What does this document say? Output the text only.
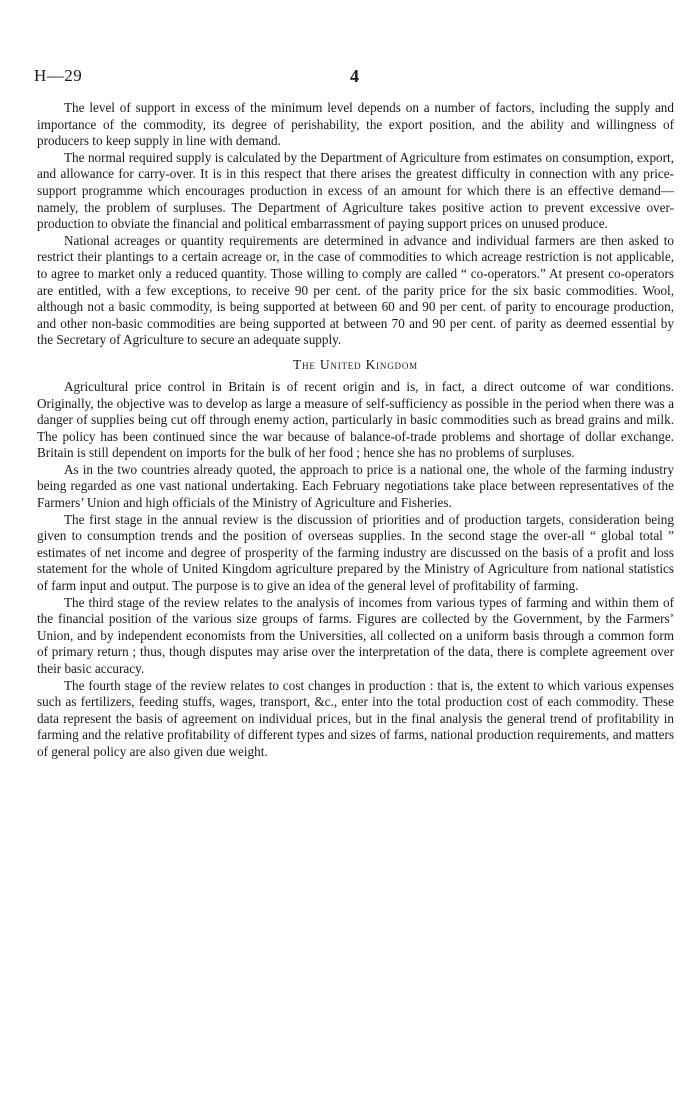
H—29	4

The level of support in excess of the minimum level depends on a number of factors, including the supply and importance of the commodity, its degree of perishability, the export position, and the ability and willingness of producers to keep supply in line with demand.

The normal required supply is calculated by the Department of Agriculture from estimates on consumption, export, and allowance for carry-over. It is in this respect that there arises the greatest difficulty in connection with any price-support programme which encourages production in excess of an amount for which there is an effective demand—namely, the problem of surpluses. The Department of Agriculture takes positive action to prevent excessive over-production to obviate the financial and political embarrassment of paying support prices on unused produce.

National acreages or quantity requirements are determined in advance and individual farmers are then asked to restrict their plantings to a certain acreage or, in the case of commodities to which acreage restriction is not applicable, to agree to market only a reduced quantity. Those willing to comply are called “ co-operators.” At present co-operators are entitled, with a few exceptions, to receive 90 per cent. of the parity price for the six basic commodities. Wool, although not a basic commodity, is being supported at between 60 and 90 per cent. of parity to encourage production, and other non-basic commodities are being supported at between 70 and 90 per cent. of parity as deemed essential by the Secretary of Agriculture to secure an adequate supply.

The United Kingdom

Agricultural price control in Britain is of recent origin and is, in fact, a direct outcome of war conditions. Originally, the objective was to develop as large a measure of self-sufficiency as possible in the period when there was a danger of supplies being cut off through enemy action, particularly in basic commodities such as bread grains and milk. The policy has been continued since the war because of balance-of-trade problems and shortage of dollar exchange. Britain is still dependent on imports for the bulk of her food ; hence she has no problems of surpluses.

As in the two countries already quoted, the approach to price is a national one, the whole of the farming industry being regarded as one vast national undertaking. Each February negotiations take place between representatives of the Farmers’ Union and high officials of the Ministry of Agriculture and Fisheries.

The first stage in the annual review is the discussion of priorities and of production targets, consideration being given to consumption trends and the position of overseas supplies. In the second stage the over-all “ global total ” estimates of net income and degree of prosperity of the farming industry are discussed on the basis of a profit and loss statement for the whole of United Kingdom agriculture prepared by the Ministry of Agriculture from national statistics of farm input and output. The purpose is to give an idea of the general level of profitability of farming.

The third stage of the review relates to the analysis of incomes from various types of farming and within them of the financial position of the various size groups of farms. Figures are collected by the Government, by the Farmers’ Union, and by independent economists from the Universities, all collected on a uniform basis through a common form of primary return ; thus, though disputes may arise over the interpretation of the data, there is complete agreement over their basic accuracy.

The fourth stage of the review relates to cost changes in production : that is, the extent to which various expenses such as fertilizers, feeding stuffs, wages, transport, &c., enter into the total production cost of each commodity. These data represent the basis of agreement on individual prices, but in the final analysis the general trend of profitability in farming and the relative profitability of different types and sizes of farms, national production requirements, and matters of general policy are also given due weight.
